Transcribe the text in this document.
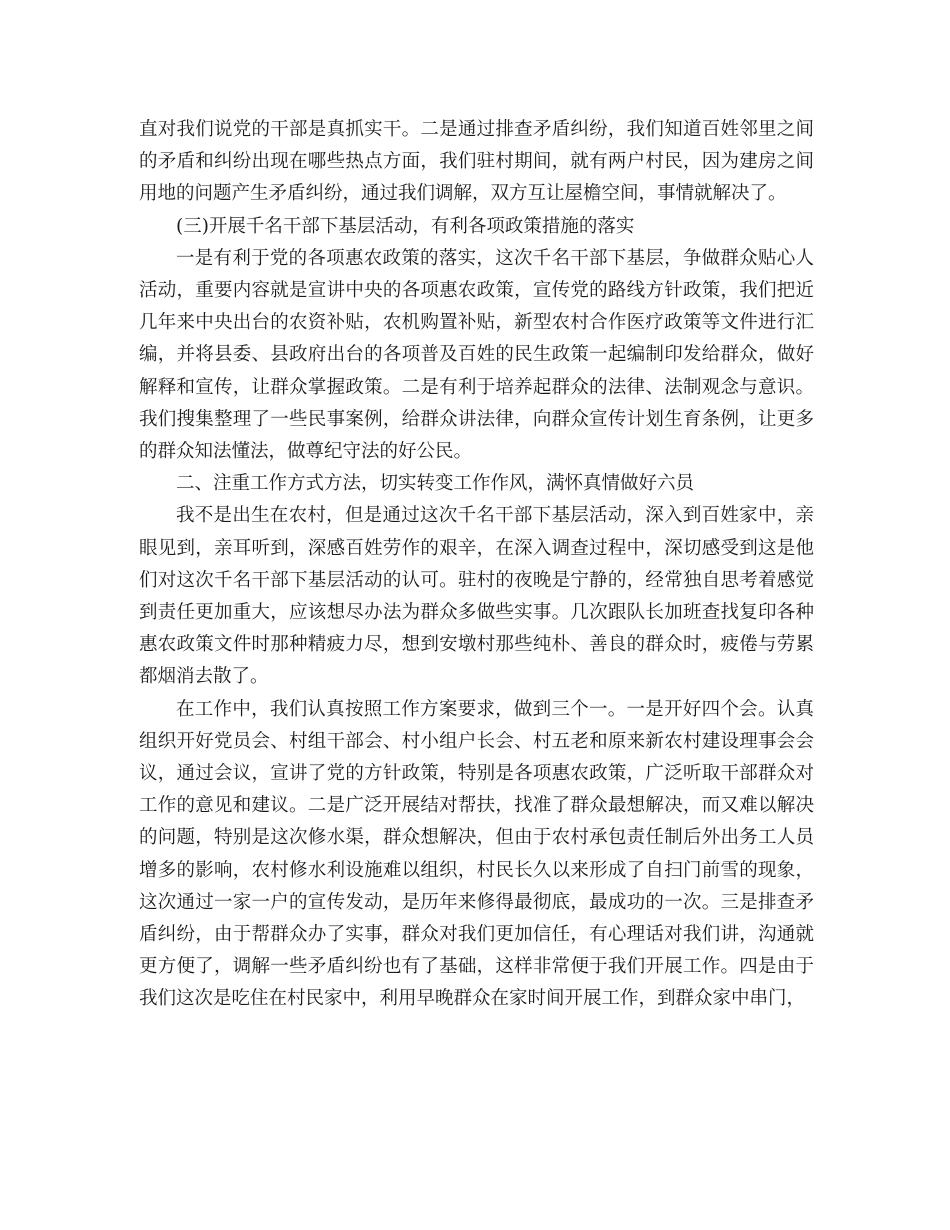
直对我们说党的干部是真抓实干。二是通过排查矛盾纠纷，我们知道百姓邻里之间的矛盾和纠纷出现在哪些热点方面，我们驻村期间，就有两户村民，因为建房之间用地的问题产生矛盾纠纷，通过我们调解，双方互让屋檐空间，事情就解决了。

(三)开展千名干部下基层活动，有利各项政策措施的落实

一是有利于党的各项惠农政策的落实，这次千名干部下基层，争做群众贴心人活动，重要内容就是宣讲中央的各项惠农政策，宣传党的路线方针政策，我们把近几年来中央出台的农资补贴，农机购置补贴，新型农村合作医疗政策等文件进行汇编，并将县委、县政府出台的各项普及百姓的民生政策一起编制印发给群众，做好解释和宣传，让群众掌握政策。二是有利于培养起群众的法律、法制观念与意识。我们搜集整理了一些民事案例，给群众讲法律，向群众宣传计划生育条例，让更多的群众知法懂法，做尊纪守法的好公民。

二、注重工作方式方法，切实转变工作作风，满怀真情做好六员

我不是出生在农村，但是通过这次千名干部下基层活动，深入到百姓家中，亲眼见到，亲耳听到，深感百姓劳作的艰辛，在深入调查过程中，深切感受到这是他们对这次千名干部下基层活动的认可。驻村的夜晚是宁静的，经常独自思考着感觉到责任更加重大，应该想尽办法为群众多做些实事。几次跟队长加班查找复印各种惠农政策文件时那种精疲力尽，想到安墩村那些纯朴、善良的群众时，疲倦与劳累都烟消去散了。

在工作中，我们认真按照工作方案要求，做到三个一。一是开好四个会。认真组织开好党员会、村组干部会、村小组户长会、村五老和原来新农村建设理事会会议，通过会议，宣讲了党的方针政策，特别是各项惠农政策，广泛听取干部群众对工作的意见和建议。二是广泛开展结对帮扶，找准了群众最想解决，而又难以解决的问题，特别是这次修水渠，群众想解决，但由于农村承包责任制后外出务工人员增多的影响，农村修水利设施难以组织，村民长久以来形成了自扫门前雪的现象，这次通过一家一户的宣传发动，是历年来修得最彻底，最成功的一次。三是排查矛盾纠纷，由于帮群众办了实事，群众对我们更加信任，有心理话对我们讲，沟通就更方便了，调解一些矛盾纠纷也有了基础，这样非常便于我们开展工作。四是由于我们这次是吃住在村民家中，利用早晚群众在家时间开展工作，到群众家中串门，
